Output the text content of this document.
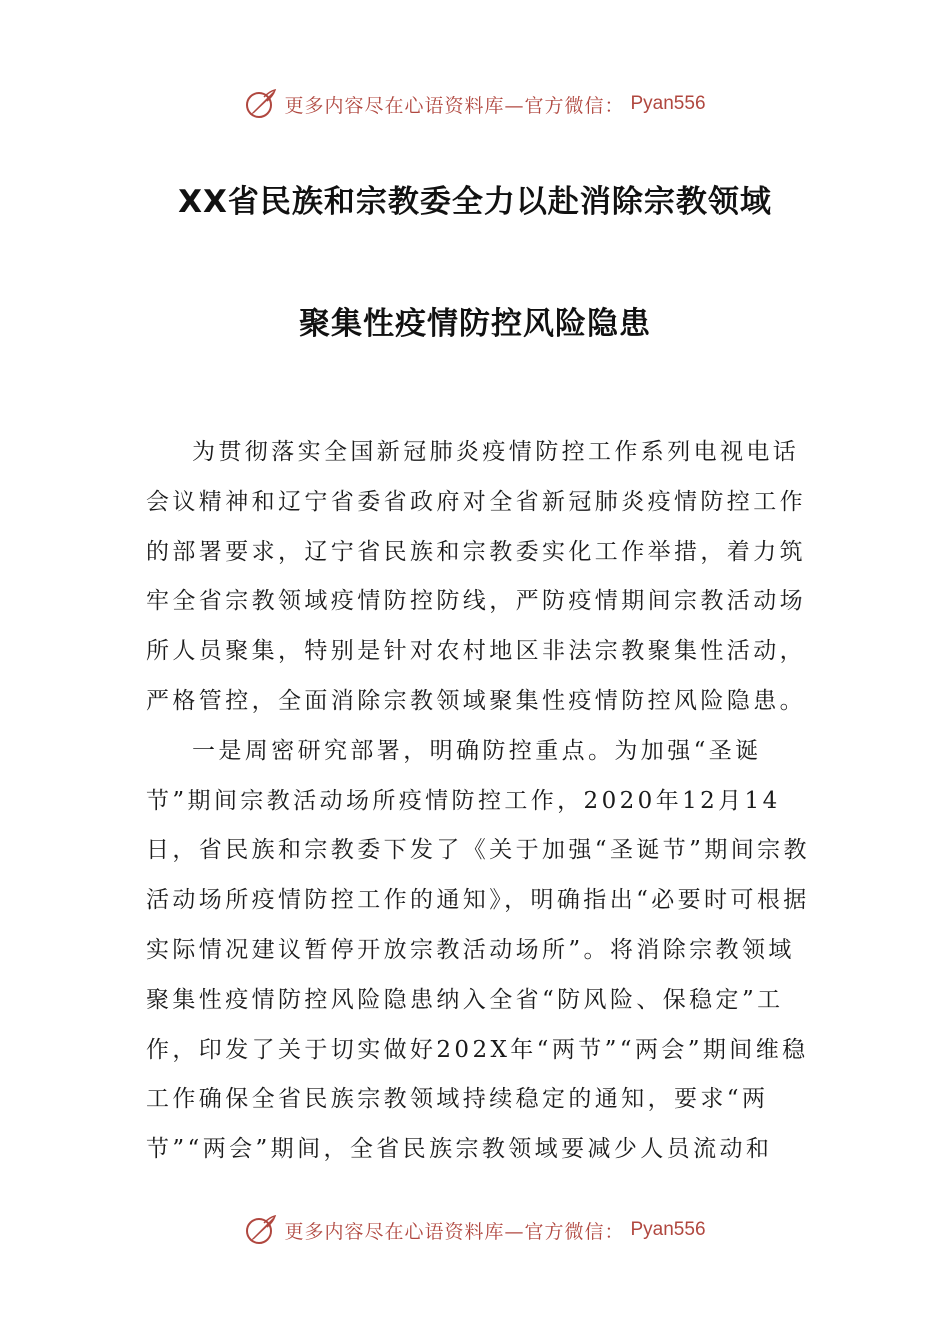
更多内容尽在心语资料库—官方微信： Pyan556
XX省民族和宗教委全力以赴消除宗教领域
聚集性疫情防控风险隐患

为贯彻落实全国新冠肺炎疫情防控工作系列电视电话会议精神和辽宁省委省政府对全省新冠肺炎疫情防控工作的部署要求，辽宁省民族和宗教委实化工作举措，着力筑牢全省宗教领域疫情防控防线，严防疫情期间宗教活动场所人员聚集，特别是针对农村地区非法宗教聚集性活动，严格管控，全面消除宗教领域聚集性疫情防控风险隐患。

一是周密研究部署，明确防控重点。为加强“圣诞节”期间宗教活动场所疫情防控工作，2020年12月14日，省民族和宗教委下发了《关于加强“圣诞节”期间宗教活动场所疫情防控工作的通知》，明确指出“必要时可根据实际情况建议暂停开放宗教活动场所”。将消除宗教领域聚集性疫情防控风险隐患纳入全省“防风险、保稳定”工作，印发了关于切实做好202X年“两节”“两会”期间维稳工作确保全省民族宗教领域持续稳定的通知，要求“两节”“两会”期间，全省民族宗教领域要减少人员流动和

更多内容尽在心语资料库—官方微信： Pyan556
